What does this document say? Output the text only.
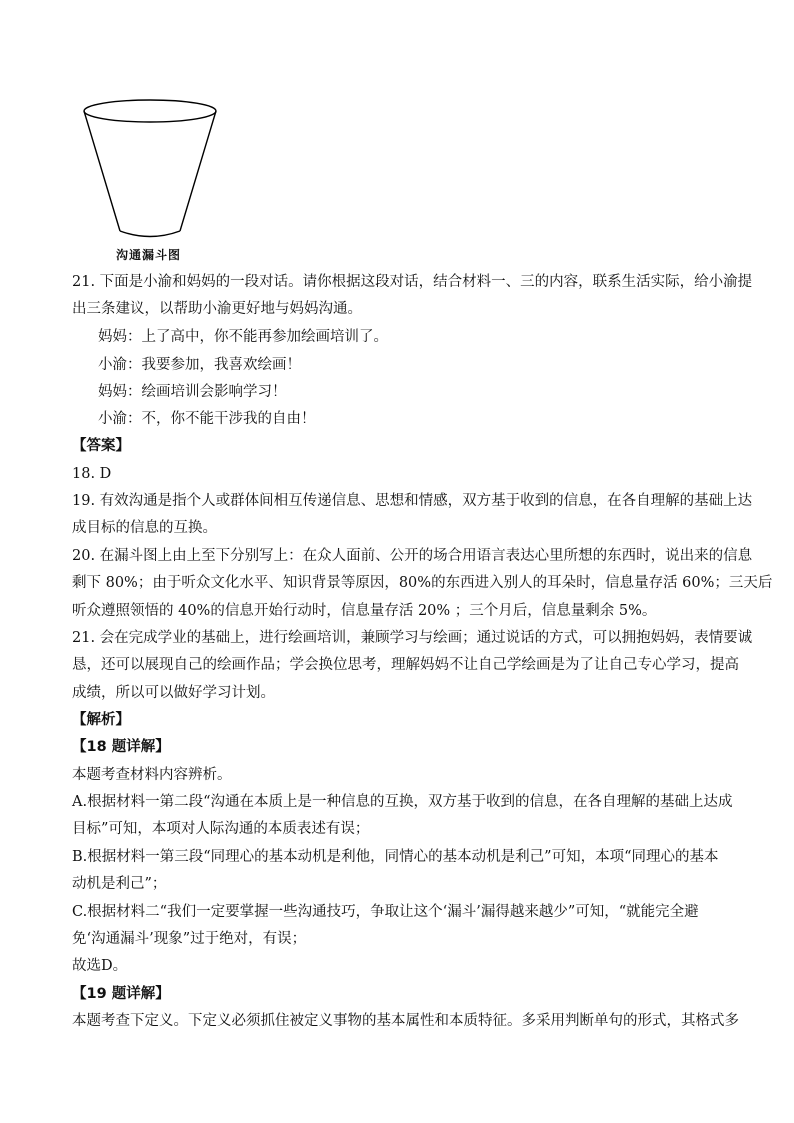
沟通漏斗图
21. 下面是小渝和妈妈的一段对话。请你根据这段对话，结合材料一、三的内容，联系生活实际，给小渝提
出三条建议，以帮助小渝更好地与妈妈沟通。
妈妈：上了高中，你不能再参加绘画培训了。
小渝：我要参加，我喜欢绘画！
妈妈：绘画培训会影响学习！
小渝：不，你不能干涉我的自由！
【答案】
18. D
19. 有效沟通是指个人或群体间相互传递信息、思想和情感，双方基于收到的信息，在各自理解的基础上达
成目标的信息的互换。
20. 在漏斗图上由上至下分别写上：在众人面前、公开的场合用语言表达心里所想的东西时，说出来的信息
剩下 80%；由于听众文化水平、知识背景等原因，80%的东西进入别人的耳朵时，信息量存活 60%；三天后
听众遵照领悟的 40%的信息开始行动时，信息量存活 20% ；三个月后，信息量剩余 5%。
21. 会在完成学业的基础上，进行绘画培训，兼顾学习与绘画；通过说话的方式，可以拥抱妈妈，表情要诚
恳，还可以展现自己的绘画作品；学会换位思考，理解妈妈不让自己学绘画是为了让自己专心学习，提高
成绩，所以可以做好学习计划。
【解析】
【18 题详解】
本题考查材料内容辨析。
A.根据材料一第二段“沟通在本质上是一种信息的互换，双方基于收到的信息，在各自理解的基础上达成
目标”可知，本项对人际沟通的本质表述有误；
B.根据材料一第三段“同理心的基本动机是利他，同情心的基本动机是利己”可知，本项“同理心的基本
动机是利己”；
C.根据材料二“我们一定要掌握一些沟通技巧，争取让这个‘漏斗’漏得越来越少”可知，“就能完全避
免‘沟通漏斗’现象”过于绝对，有误；
故选D。
【19 题详解】
本题考查下定义。下定义必须抓住被定义事物的基本属性和本质特征。多采用判断单句的形式，其格式多
